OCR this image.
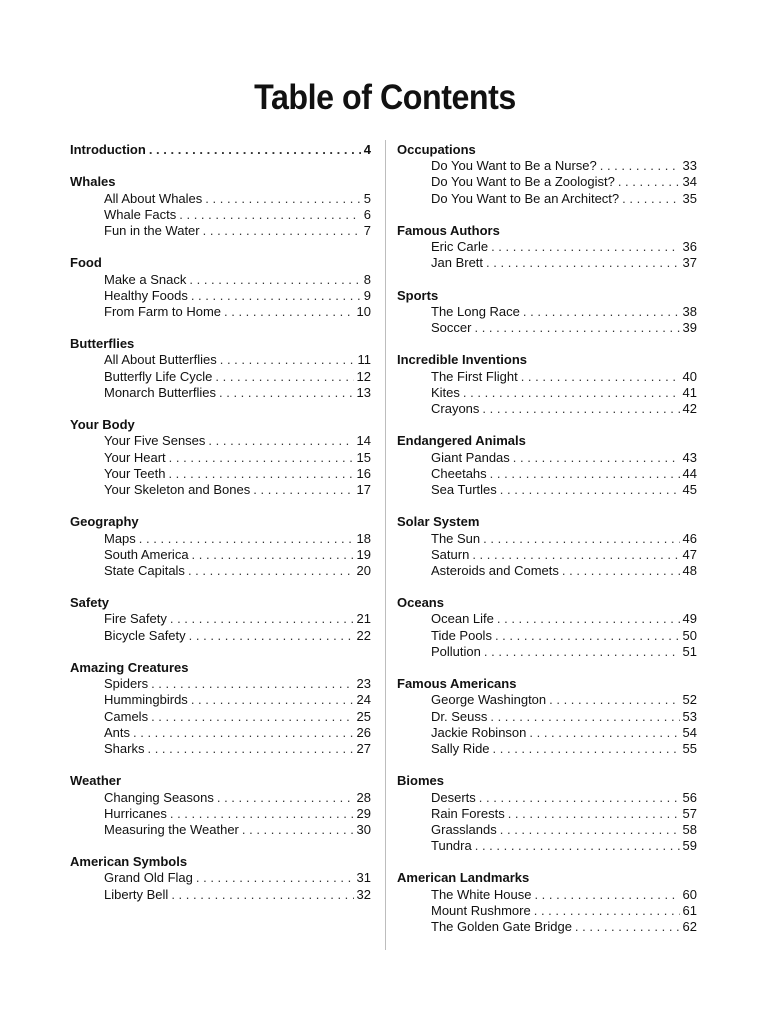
Table of Contents
Introduction . . .	4
Whales
All About Whales . . .	5
Whale Facts . . .	6
Fun in the Water . . .	7
Food
Make a Snack . . .	8
Healthy Foods . . .	9
From Farm to Home . . .	10
Butterflies
All About Butterflies . . .	11
Butterfly Life Cycle . . .	12
Monarch Butterflies . . .	13
Your Body
Your Five Senses . . .	14
Your Heart . . .	15
Your Teeth . . .	16
Your Skeleton and Bones . . .	17
Geography
Maps . . .	18
South America . . .	19
State Capitals . . .	20
Safety
Fire Safety . . .	21
Bicycle Safety . . .	22
Amazing Creatures
Spiders . . .	23
Hummingbirds . . .	24
Camels . . .	25
Ants . . .	26
Sharks . . .	27
Weather
Changing Seasons . . .	28
Hurricanes . . .	29
Measuring the Weather . . .	30
American Symbols
Grand Old Flag . . .	31
Liberty Bell . . .	32
Occupations
Do You Want to Be a Nurse? . . .	33
Do You Want to Be a Zoologist? . . .	34
Do You Want to Be an Architect? . . .	35
Famous Authors
Eric Carle . . .	36
Jan Brett . . .	37
Sports
The Long Race . . .	38
Soccer . . .	39
Incredible Inventions
The First Flight . . .	40
Kites . . .	41
Crayons . . .	42
Endangered Animals
Giant Pandas . . .	43
Cheetahs . . .	44
Sea Turtles . . .	45
Solar System
The Sun . . .	46
Saturn . . .	47
Asteroids and Comets . . .	48
Oceans
Ocean Life . . .	49
Tide Pools . . .	50
Pollution . . .	51
Famous Americans
George Washington . . .	52
Dr. Seuss . . .	53
Jackie Robinson . . .	54
Sally Ride . . .	55
Biomes
Deserts . . .	56
Rain Forests . . .	57
Grasslands . . .	58
Tundra . . .	59
American Landmarks
The White House . . .	60
Mount Rushmore . . .	61
The Golden Gate Bridge . . .	62
